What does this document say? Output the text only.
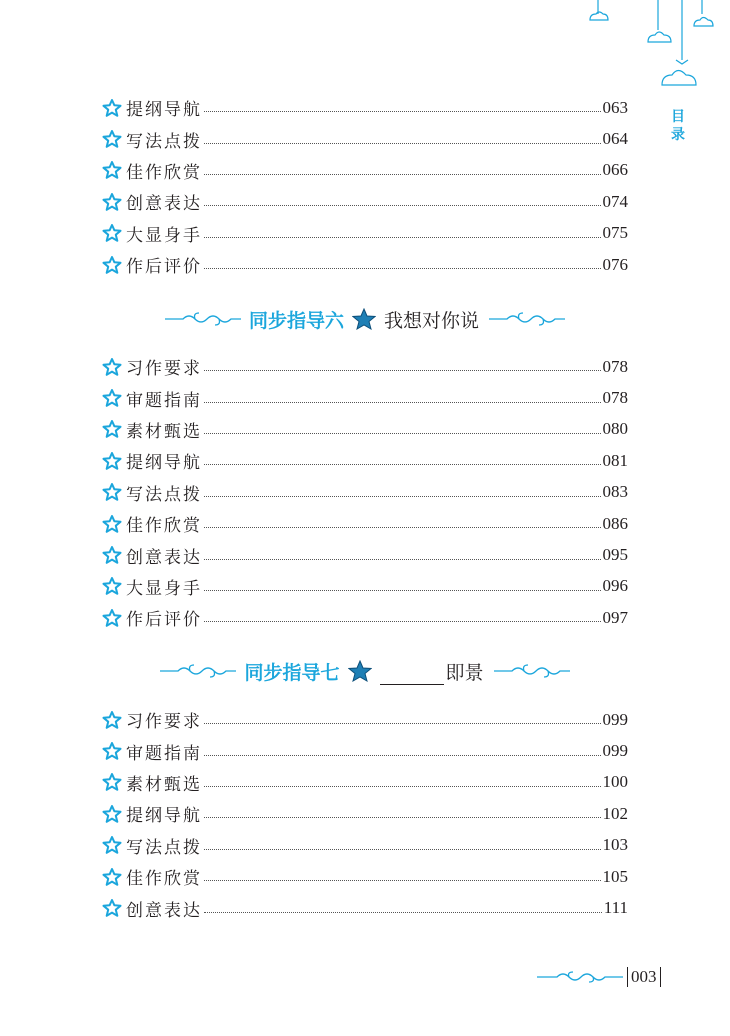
目
录
提纲导航	063
写法点拨	064
佳作欣赏	066
创意表达	074
大显身手	075
作后评价	076
同步指导六 我想对你说
习作要求	078
审题指南	078
素材甄选	080
提纲导航	081
写法点拨	083
佳作欣赏	086
创意表达	095
大显身手	096
作后评价	097
同步指导七	即景
习作要求	099
审题指南	099
素材甄选	100
提纲导航	102
写法点拨	103
佳作欣赏	105
创意表达	111
003
